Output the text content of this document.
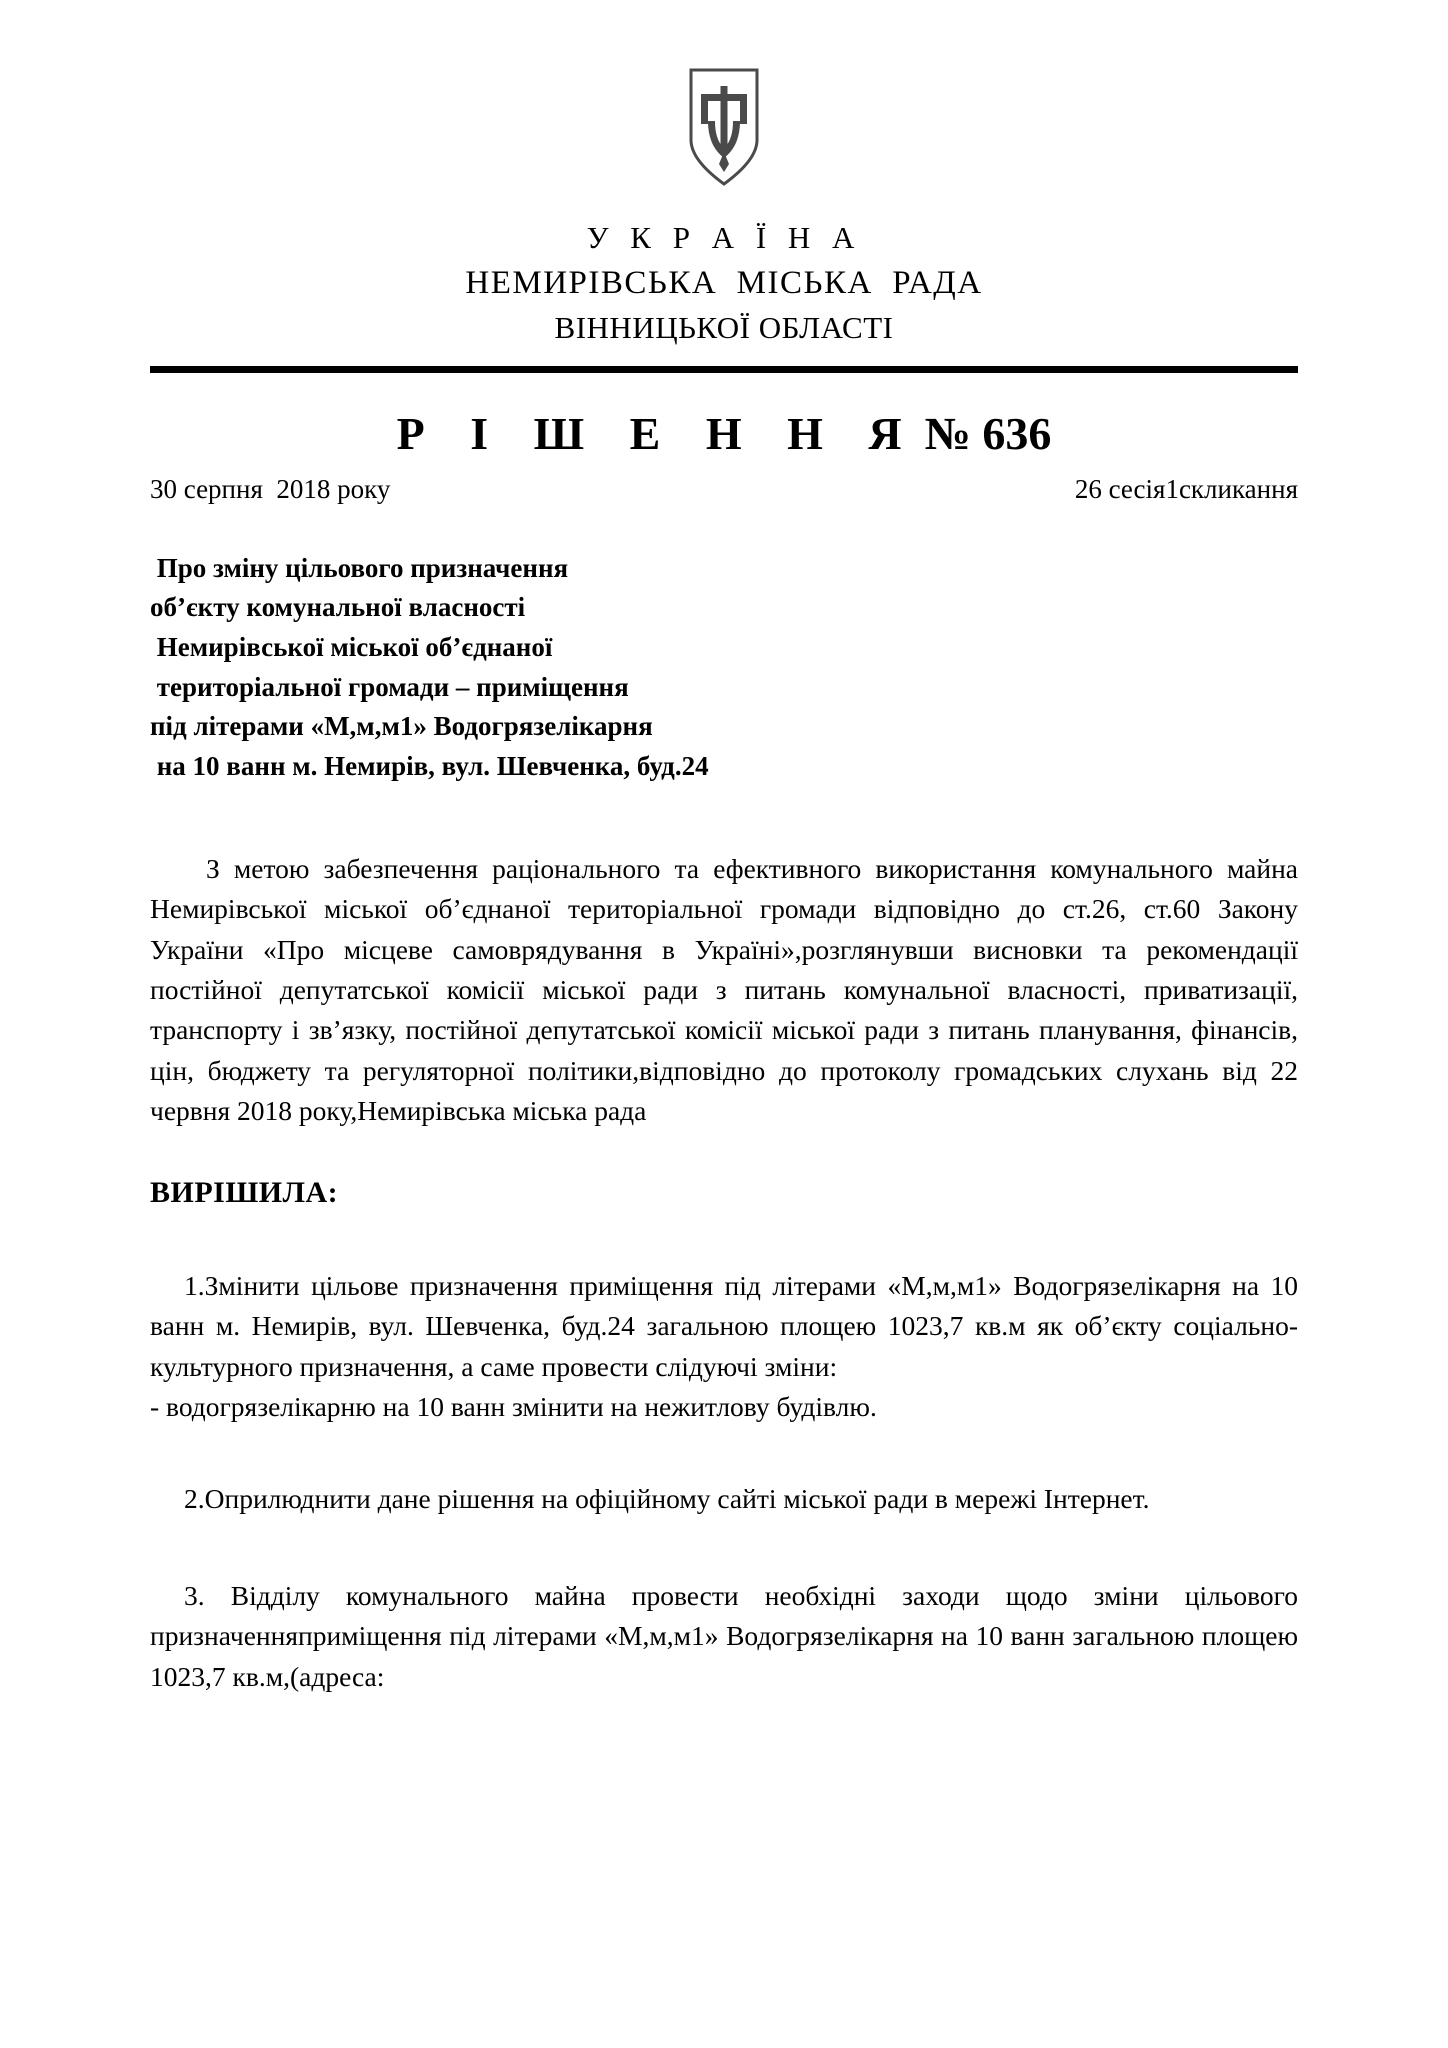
У К Р А Ї Н А
НЕМИРІВСЬКА  МІСЬКА  РАДА
ВІННИЦЬКОЇ ОБЛАСТІ
Р І Ш Е Н Н Я № 636
30 серпня  2018 року	26 сесія1скликання
Про зміну цільового призначення
об’єкту комунальної власності
Немирівської міської об’єднаної
територіальної громади – приміщення
під літерами «М,м,м1» Водогрязелікарня
на 10 ванн м. Немирів, вул. Шевченка, буд.24

З метою забезпечення раціонального та ефективного використання комунального майна Немирівської міської об’єднаної територіальної громади відповідно до ст.26, ст.60 Закону України «Про місцеве самоврядування в Україні»,розглянувши висновки та рекомендації постійної депутатської комісії міської ради з питань комунальної власності, приватизації, транспорту і зв’язку, постійної депутатської комісії міської ради з питань планування, фінансів, цін, бюджету та регуляторної політики,відповідно до протоколу громадських слухань від 22 червня 2018 року,Немирівська міська рада

ВИРІШИЛА:

1.Змінити цільове призначення приміщення під літерами «М,м,м1» Водогрязелікарня на 10 ванн м. Немирів, вул. Шевченка, буд.24 загальною площею 1023,7 кв.м як об’єкту соціально-культурного призначення, а саме провести слідуючі зміни:

- водогрязелікарню на 10 ванн змінити на нежитлову будівлю.

2.Оприлюднити дане рішення на офіційному сайті міської ради в мережі Інтернет.

3. Відділу комунального майна провести необхідні заходи щодо зміни цільового призначенняприміщення під літерами «М,м,м1» Водогрязелікарня на 10 ванн загальною площею 1023,7 кв.м,(адреса:
